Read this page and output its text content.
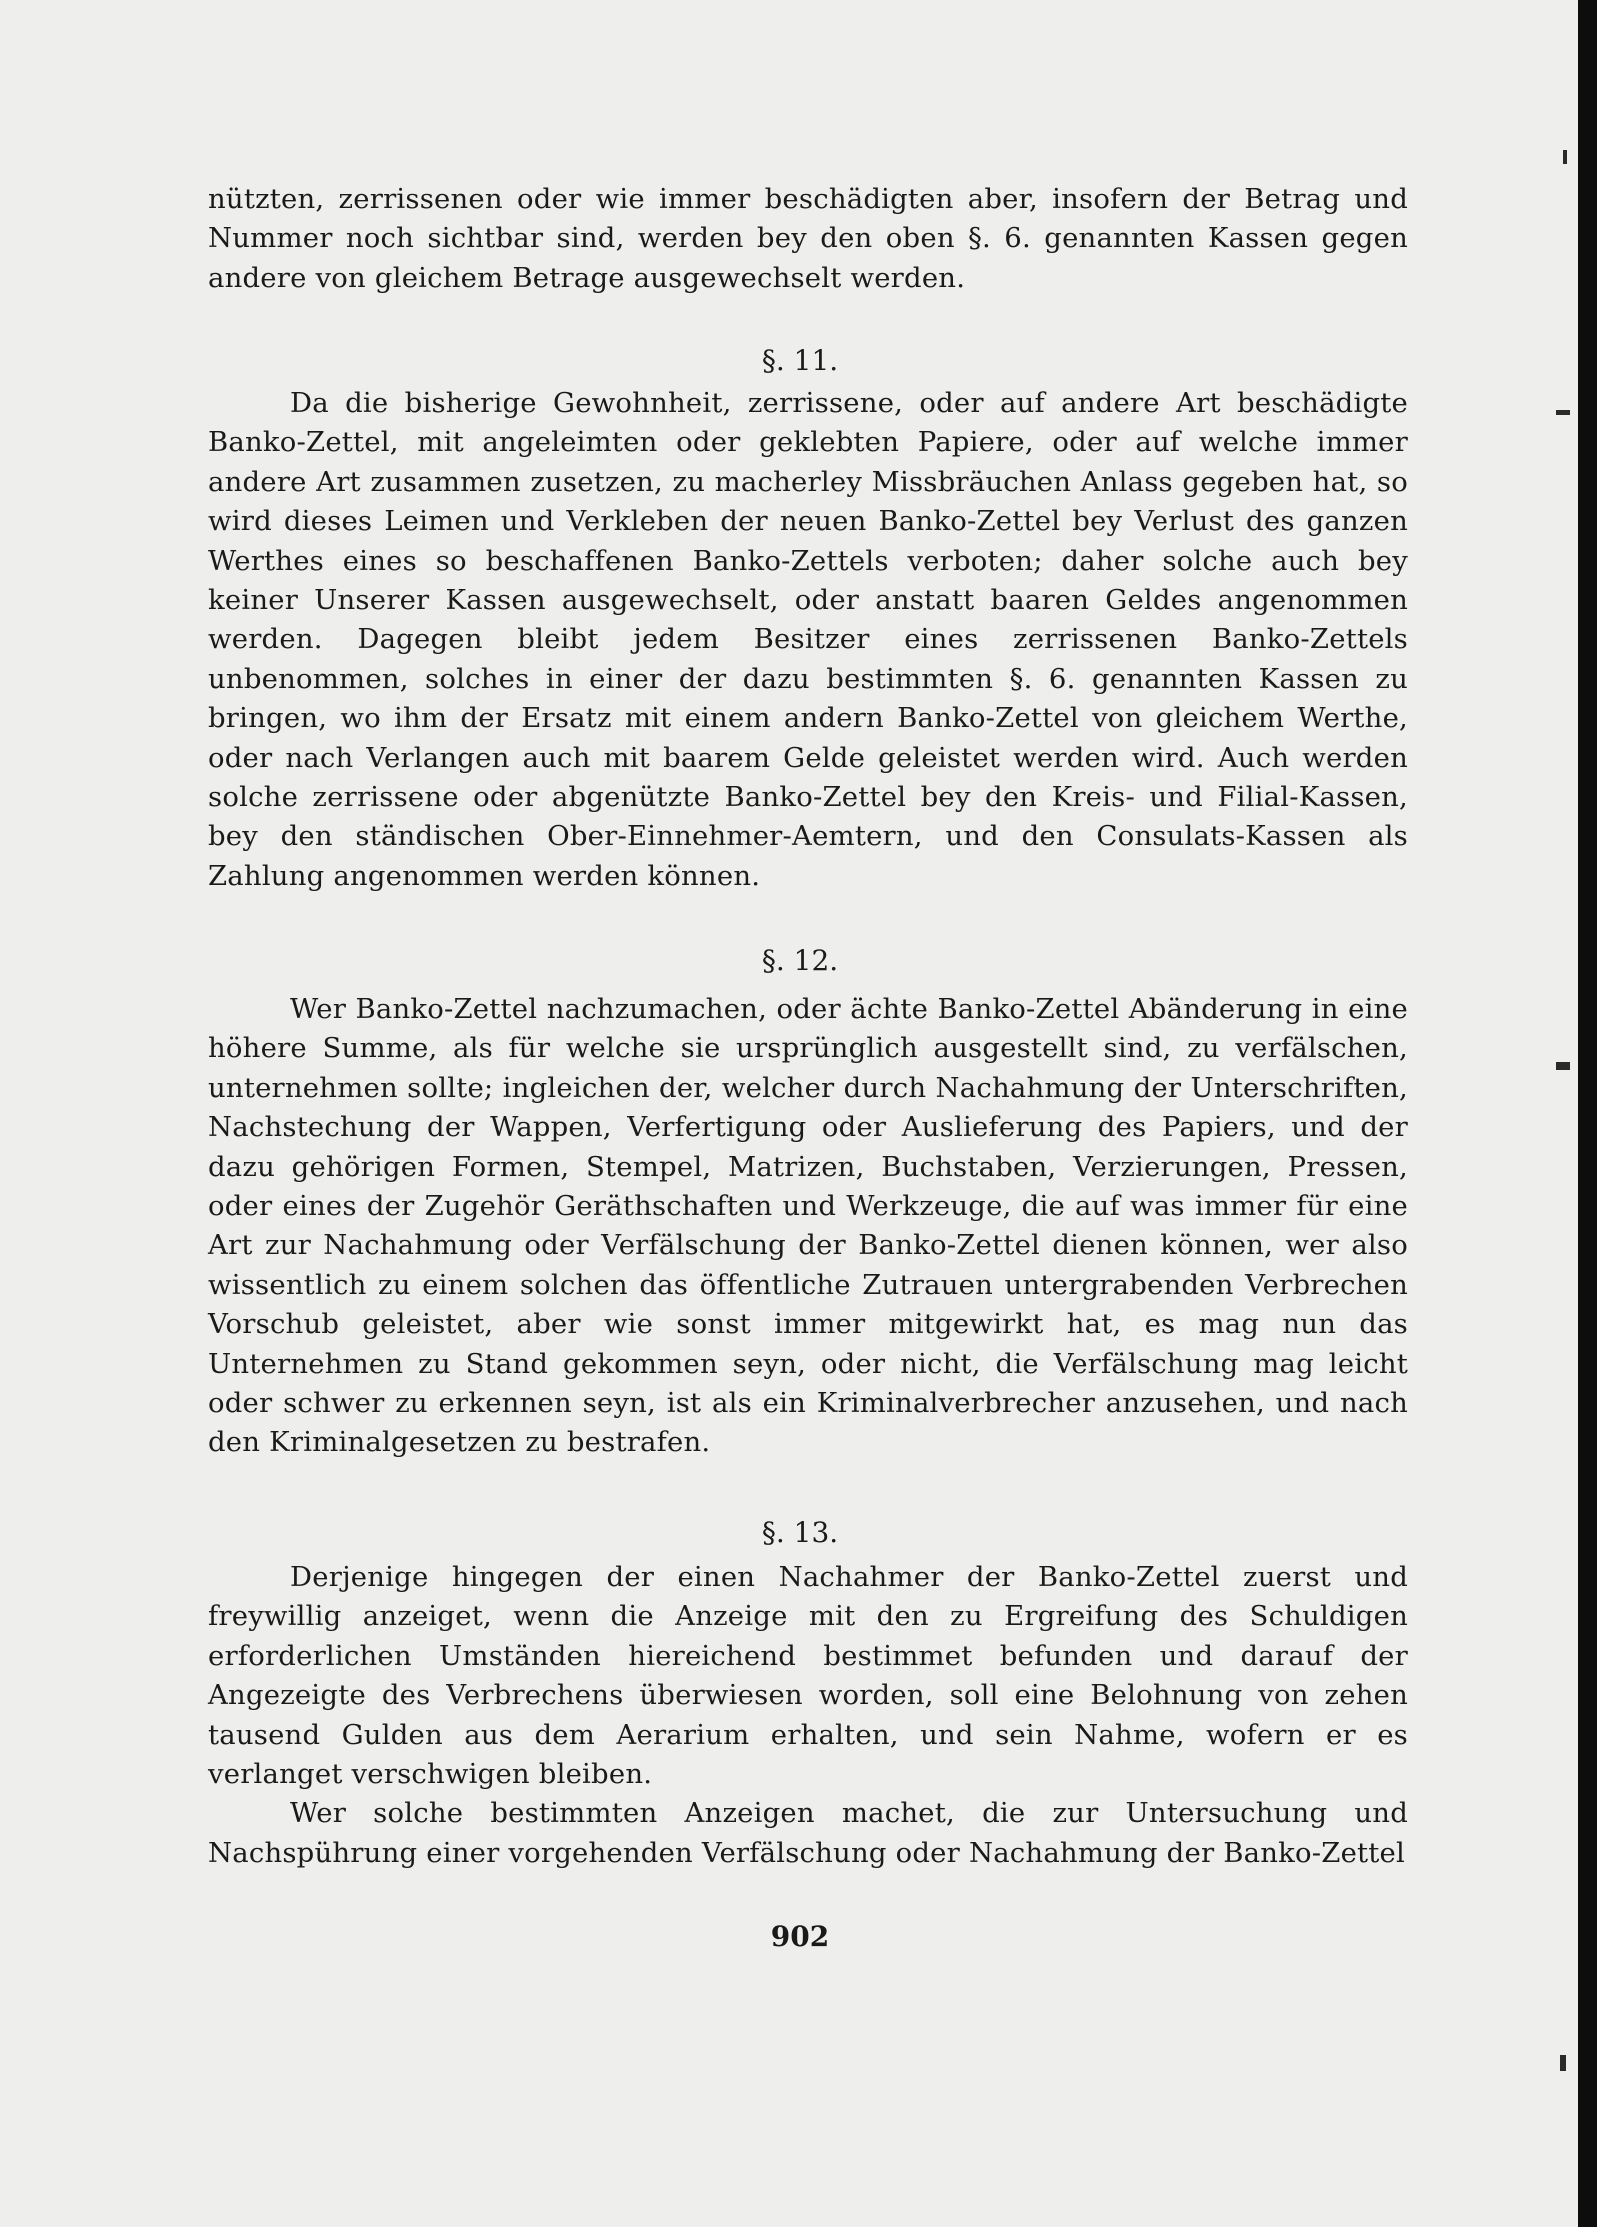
nützten, zerrissenen oder wie immer beschädigten aber, insofern der Betrag und Nummer noch sichtbar sind, werden bey den oben §. 6. genannten Kassen gegen andere von gleichem Betrage ausgewechselt werden.

§. 11.

Da die bisherige Gewohnheit, zerrissene, oder auf andere Art beschädigte Banko-Zettel, mit angeleimten oder geklebten Papiere, oder auf welche immer andere Art zusammen zusetzen, zu macherley Missbräuchen Anlass gegeben hat, so wird dieses Leimen und Verkleben der neuen Banko-Zettel bey Verlust des ganzen Werthes eines so beschaffenen Banko-Zettels verboten; daher solche auch bey keiner Unserer Kassen ausgewechselt, oder anstatt baaren Geldes angenommen werden. Dagegen bleibt jedem Besitzer eines zerrissenen Banko-Zettels unbenommen, solches in einer der dazu bestimmten §. 6. genannten Kassen zu bringen, wo ihm der Ersatz mit einem andern Banko-Zettel von gleichem Werthe, oder nach Verlangen auch mit baarem Gelde geleistet werden wird. Auch werden solche zerrissene oder abgenützte Banko-Zettel bey den Kreis- und Filial-Kassen, bey den ständischen Ober-Einnehmer-Aemtern, und den Consulats-Kassen als Zahlung angenommen werden können.

§. 12.

Wer Banko-Zettel nachzumachen, oder ächte Banko-Zettel Abänderung in eine höhere Summe, als für welche sie ursprünglich ausgestellt sind, zu verfälschen, unternehmen sollte; ingleichen der, welcher durch Nachahmung der Unterschriften, Nachstechung der Wappen, Verfertigung oder Auslieferung des Papiers, und der dazu gehörigen Formen, Stempel, Matrizen, Buchstaben, Verzierungen, Pressen, oder eines der Zugehör Geräthschaften und Werkzeuge, die auf was immer für eine Art zur Nachahmung oder Verfälschung der Banko-Zettel dienen können, wer also wissentlich zu einem solchen das öffentliche Zutrauen untergrabenden Verbrechen Vorschub geleistet, aber wie sonst immer mitgewirkt hat, es mag nun das Unternehmen zu Stand gekommen seyn, oder nicht, die Verfälschung mag leicht oder schwer zu erkennen seyn, ist als ein Kriminalverbrecher anzusehen, und nach den Kriminalgesetzen zu bestrafen.

§. 13.

Derjenige hingegen der einen Nachahmer der Banko-Zettel zuerst und freywillig anzeiget, wenn die Anzeige mit den zu Ergreifung des Schuldigen erforderlichen Umständen hiereichend bestimmet befunden und darauf der Angezeigte des Verbrechens überwiesen worden, soll eine Belohnung von zehen tausend Gulden aus dem Aerarium erhalten, und sein Nahme, wofern er es verlanget verschwigen bleiben.

Wer solche bestimmten Anzeigen machet, die zur Untersuchung und Nachspührung einer vorgehenden Verfälschung oder Nachahmung der Banko-Zettel

902
